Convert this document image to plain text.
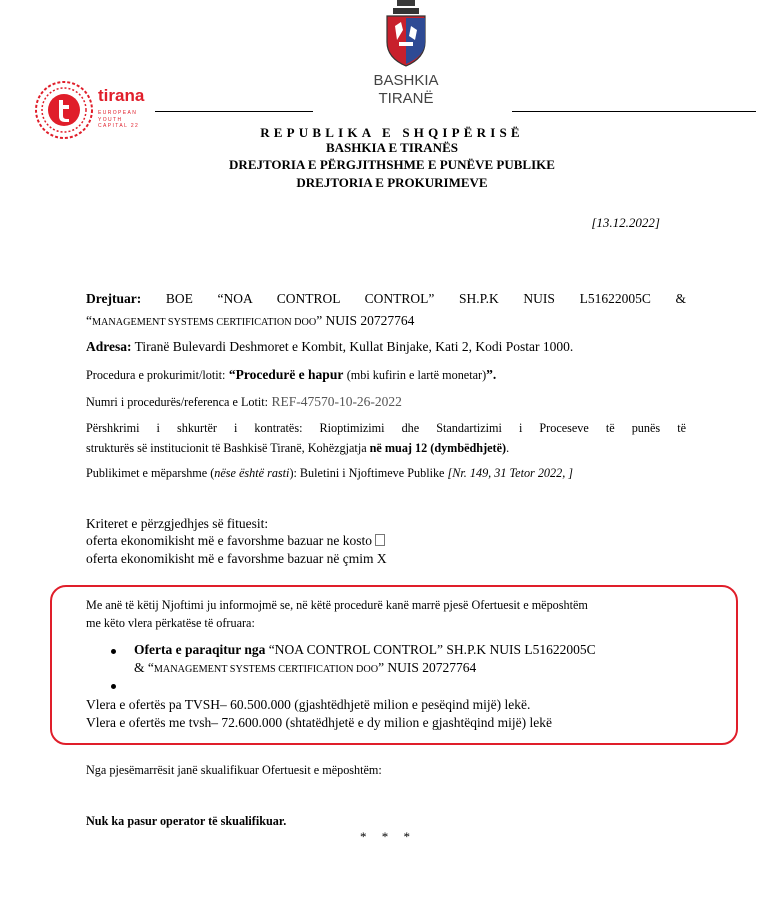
BASHKIA
TIRANË
tirana
EUROPEAN
YOUTH
CAPITAL 22	REPUBLIKA E SHQIPËRISË
BASHKIA E TIRANËS
DREJTORIA E PËRGJITHSHME E PUNËVE PUBLIKE
DREJTORIA E PROKURIMEVE
[13.12.2022]
Drejtuar: BOE “NOA CONTROL CONTROL” SH.P.K NUIS L51622005C &
“MANAGEMENT SYSTEMS CERTIFICATION DOO” NUIS 20727764
Adresa: Tiranë Bulevardi Deshmoret e Kombit, Kullat Binjake, Kati 2, Kodi Postar 1000.
Procedura e prokurimit/lotit: “Procedurë e hapur (mbi kufirin e lartë monetar)”.
Numri i procedurës/referenca e Lotit: REF-47570-10-26-2022
Përshkrimi i shkurtër i kontratës: Rioptimizimi dhe Standartizimi i Proceseve të punës të
strukturës së institucionit të Bashkisë Tiranë, Kohëzgjatja në muaj 12 (dymbëdhjetë).
Publikimet e mëparshme (nëse është rasti): Buletini i Njoftimeve Publike [Nr. 149, 31 Tetor 2022, ]
Kriteret e përzgjedhjes së fituesit:
oferta ekonomikisht më e favorshme bazuar ne kosto
oferta ekonomikisht më e favorshme bazuar në çmim X
Me anë të këtij Njoftimi ju informojmë se, në këtë procedurë kanë marrë pjesë Ofertuesit e mëposhtëm
me këto vlera përkatëse të ofruara:
Oferta e paraqitur nga “NOA CONTROL CONTROL” SH.P.K NUIS L51622005C
& “MANAGEMENT SYSTEMS CERTIFICATION DOO” NUIS 20727764
Vlera e ofertës pa TVSH– 60.500.000 (gjashtëdhjetë milion e pesëqind mijë) lekë.
Vlera e ofertës me tvsh– 72.600.000 (shtatëdhjetë e dy milion e gjashtëqind mijë) lekë
Nga pjesëmarrësit janë skualifikuar Ofertuesit e mëposhtëm:
Nuk ka pasur operator të skualifikuar.
* * *
